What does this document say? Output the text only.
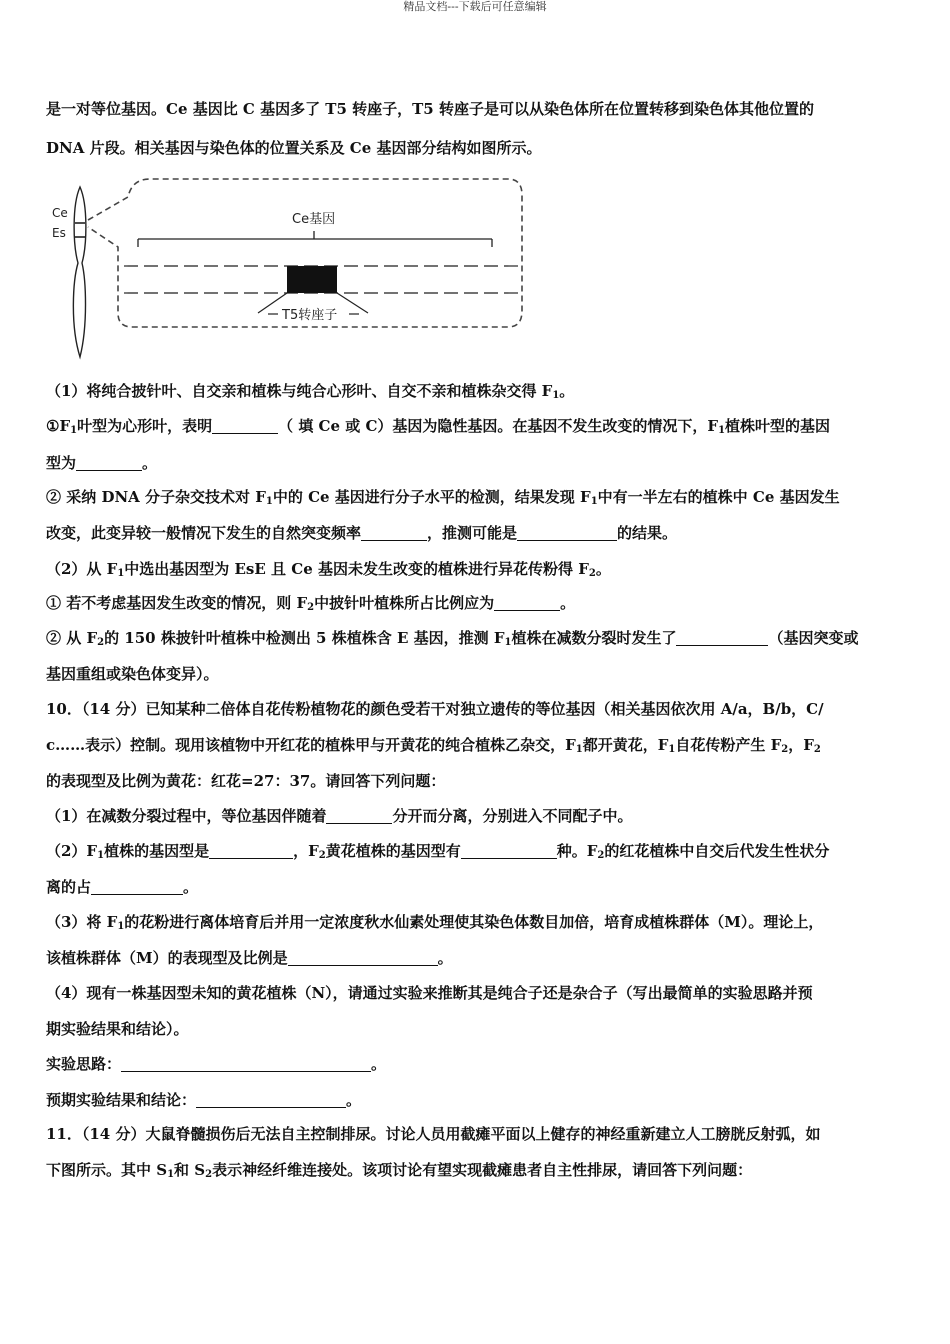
精品文档---下载后可任意编辑
是一对等位基因。Ce 基因比 C 基因多了 T5 转座子，T5 转座子是可以从染色体所在位置转移到染色体其他位置的
DNA 片段。相关基因与染色体的位置关系及 Ce 基因部分结构如图所示。
Ce
Es
Ce基因
T5转座子
（1）将纯合披针叶、自交亲和植株与纯合心形叶、自交不亲和植株杂交得 $F_1$。
$①F_1$叶型为心形叶，表明	（ 填 Ce 或 C）基因为隐性基因。在基因不发生改变的情况下，$F_1$植株叶型的基因
型为	。
② 采纳 DNA 分子杂交技术对 $F_1$中的 Ce 基因进行分子水平的检测，结果发现 $F_1$中有一半左右的植株中 Ce 基因发生
改变，此变异较一般情况下发生的自然突变频率	，推测可能是	的结果。
（2）从 $F_1$中选出基因型为 EsE 且 Ce 基因未发生改变的植株进行异花传粉得 $F_2$。
① 若不考虑基因发生改变的情况，则 $F_2$中披针叶植株所占比例应为	。
② 从 $F_2$的 150 株披针叶植株中检测出 5 株植株含 E 基因，推测 $F_1$植株在减数分裂时发生了	（基因突变或
基因重组或染色体变异）。
10．（14 分）已知某种二倍体自花传粉植物花的颜色受若干对独立遗传的等位基因（相关基因依次用 A/a，B/b，C/
c……表示）控制。现用该植物中开红花的植株甲与开黄花的纯合植株乙杂交，$F_1$都开黄花，$F_1$自花传粉产生 $F_2$，$F_2$
的表现型及比例为黄花：红花=27：37。请回答下列问题：
（1）在减数分裂过程中，等位基因伴随着	分开而分离，分别进入不同配子中。
$(2)F_1$植株的基因型是	，$F_2$黄花植株的基因型有	种。$F_2$的红花植株中自交后代发生性状分
离的占	。
（3）将 $F_1$的花粉进行离体培育后并用一定浓度秋水仙素处理使其染色体数目加倍，培育成植株群体（M）。理论上，
该植株群体（M）的表现型及比例是	。
（4）现有一株基因型未知的黄花植株（N），请通过实验来推断其是纯合子还是杂合子（写出最简单的实验思路并预
期实验结果和结论）。
实验思路：	。
预期实验结果和结论：	。
11．（14 分）大鼠脊髓损伤后无法自主控制排尿。讨论人员用截瘫平面以上健存的神经重新建立人工膀胱反射弧，如
下图所示。其中 $S_1$和 $S_2$表示神经纤维连接处。该项讨论有望实现截瘫患者自主性排尿，请回答下列问题：
